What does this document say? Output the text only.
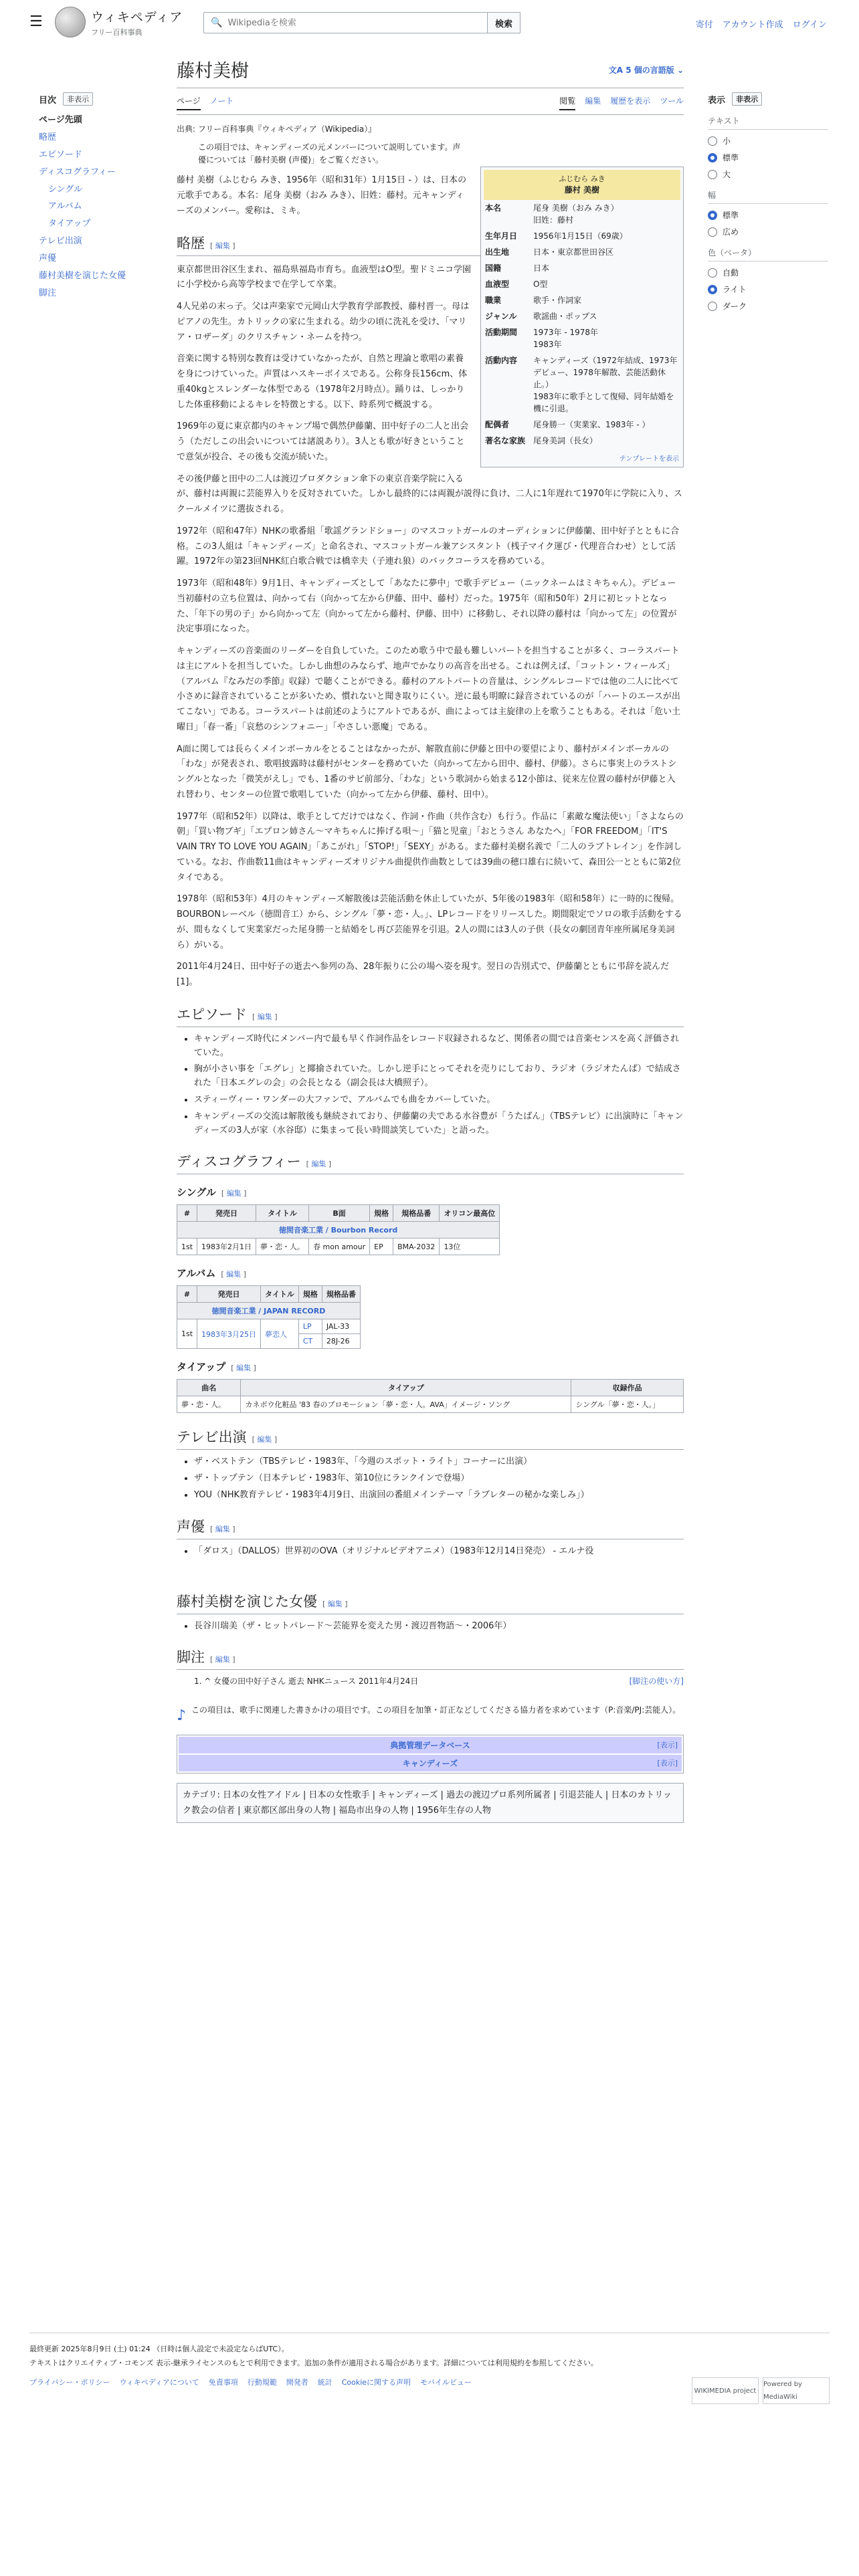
☰	ウィキペディア
フリー百科事典
🔍
Wikipediaを検索	検索	寄付 アカウント作成 ログイン
目次	非表示
ページ先頭
略歴
エピソード
ディスコグラフィー
シングル
アルバム
タイアップ
テレビ出演
声優
藤村美樹を演じた女優
脚注
藤村美樹	文A 5 個の言語版 ⌄
ページ ノート	閲覧 編集 履歴を表示 ツール
出典: フリー百科事典『ウィキペディア（Wikipedia）』
この項目では、キャンディーズの元メンバーについて説明しています。声優については「藤村美樹 (声優)」をご覧ください。
ふじむら みき
藤村 美樹
本名	尾身 美樹（おみ みき）
旧姓：藤村
生年月日	1956年1月15日（69歳）
出生地	日本・東京都世田谷区
国籍	日本
血液型	O型
職業	歌手・作詞家
ジャンル	歌謡曲・ポップス
活動期間	1973年 - 1978年
1983年
活動内容	キャンディーズ（1972年結成、1973年デビュー、1978年解散、芸能活動休止。）
1983年に歌手として復帰、同年結婚を機に引退。
配偶者	尾身勝一（実業家、1983年 - ）
著名な家族 尾身美詞（長女）
テンプレートを表示

藤村 美樹（ふじむら みき、1956年（昭和31年）1月15日 - ）は、日本の元歌手である。本名：尾身 美樹（おみ みき）、旧姓：藤村。元キャンディーズのメンバー。愛称は、ミキ。

略歴 [ 編集 ]

東京都世田谷区生まれ、福島県福島市育ち。血液型はO型。聖ドミニコ学園に小学校から高等学校まで在学して卒業。

4人兄弟の末っ子。父は声楽家で元岡山大学教育学部教授、藤村晋一。母はピアノの先生。カトリックの家に生まれる。幼少の頃に洗礼を受け、「マリア・ロザーダ」のクリスチャン・ネームを持つ。

音楽に関する特別な教育は受けていなかったが、自然と理論と歌唱の素養を身につけていった。声質はハスキーボイスである。公称身長156cm、体重40kgとスレンダーな体型である（1978年2月時点）。踊りは、しっかりした体重移動によるキレを特徴とする。以下、時系列で概説する。

1969年の夏に東京都内のキャンプ場で偶然伊藤蘭、田中好子の二人と出会う（ただしこの出会いについては諸説あり）。3人とも歌が好きということで意気が投合、その後も交流が続いた。

その後伊藤と田中の二人は渡辺プロダクション傘下の東京音楽学院に入るが、藤村は両親に芸能界入りを反対されていた。しかし最終的には両親が説得に負け、二人に1年遅れて1970年に学院に入り、スクールメイツに選抜される。

1972年（昭和47年）NHKの歌番組「歌謡グランドショー」のマスコットガールのオーディションに伊藤蘭、田中好子とともに合格。この3人組は「キャンディーズ」と命名され、マスコットガール兼アシスタント（桟子マイク運び・代理音合わせ）として活躍。1972年の第23回NHK紅白歌合戦では橋幸夫（子連れ狼）のバックコーラスを務めている。

1973年（昭和48年）9月1日、キャンディーズとして「あなたに夢中」で歌手デビュー（ニックネームはミキちゃん）。デビュー当初藤村の立ち位置は、向かって右（向かって左から伊藤、田中、藤村）だった。1975年（昭和50年）2月に初ヒットとなった、「年下の男の子」から向かって左（向かって左から藤村、伊藤、田中）に移動し、それ以降の藤村は「向かって左」の位置が決定事項になった。

キャンディーズの音楽面のリーダーを自負していた。このため歌う中で最も難しいパートを担当することが多く、コーラスパートは主にアルトを担当していた。しかし曲想のみならず、地声でかなりの高音を出せる。これは例えば、「コットン・フィールズ」（アルバム『なみだの季節』収録）で聴くことができる。藤村のアルトパートの音量は、シングルレコードでは他の二人に比べて小さめに録音されていることが多いため、慣れないと聞き取りにくい。逆に最も明瞭に録音されているのが「ハートのエースが出てこない」である。コーラスパートは前述のようにアルトであるが、曲によっては主旋律の上を歌うこともある。それは「危い土曜日」「春一番」「哀愁のシンフォニー」「やさしい悪魔」である。

A面に関しては長らくメインボーカルをとることはなかったが、解散直前に伊藤と田中の要望により、藤村がメインボーカルの「わな」が発表され、歌唱披露時は藤村がセンターを務めていた（向かって左から田中、藤村、伊藤）。さらに事実上のラストシングルとなった「微笑がえし」でも、1番のサビ前部分、「わな」という歌詞から始まる12小節は、従来左位置の藤村が伊藤と入れ替わり、センターの位置で歌唱していた（向かって左から伊藤、藤村、田中）。

1977年（昭和52年）以降は、歌手としてだけではなく、作詞・作曲（共作含む）も行う。作品に「素敵な魔法使い」「さよならの朝」「買い物ブギ」「エプロン姉さん〜マキちゃんに捧げる唄〜」「猫と児童」「おとうさん あなたへ」「FOR FREEDOM」「IT'S VAIN TRY TO LOVE YOU AGAIN」「あこがれ」「STOP!」「SEXY」がある。また藤村美樹名義で「二人のラブトレイン」を作詞している。なお、作曲数11曲はキャンディーズオリジナル曲提供作曲数としては39曲の穂口雄右に続いて、森田公一とともに第2位タイである。

1978年（昭和53年）4月のキャンディーズ解散後は芸能活動を休止していたが、5年後の1983年（昭和58年）に一時的に復帰。BOURBONレーベル（徳間音工）から、シングル「夢・恋・人。」、LPレコードをリリースした。期間限定でソロの歌手活動をするが、間もなくして実業家だった尾身勝一と結婚をし再び芸能界を引退。2人の間には3人の子供（長女の劇団青年座所属尾身美詞ら）がいる。

2011年4月24日、田中好子の逝去へ参列の為、28年振りに公の場へ姿を現す。翌日の告別式で、伊藤蘭とともに弔辞を読んだ[1]。

エピソード [ 編集 ]
• キャンディーズ時代にメンバー内で最も早く作詞作品をレコード収録されるなど、関係者の間では音楽センスを高く評価されていた。
• 胸が小さい事を「エグレ」と揶揄されていた。しかし逆手にとってそれを売りにしており、ラジオ（ラジオたんぱ）で結成された「日本エグレの会」の会長となる（副会長は大橋照子）。
• スティーヴィー・ワンダーの大ファンで、アルバムでも曲をカバーしていた。
• キャンディーズの交流は解散後も継続されており、伊藤蘭の夫である水谷豊が「うたばん」（TBSテレビ）に出演時に「キャンディーズの3人が家（水谷邸）に集まって長い時間談笑していた」と語った。
ディスコグラフィー [ 編集 ]
シングル [ 編集 ]
#	発売日	タイトル	B面	規格	規格品番	オリコン最高位
徳間音楽工業 / Bourbon Record						
1st	1983年2月1日	夢・恋・人。	春 mon amour	EP	BMA-2032	13位
アルバム [ 編集 ]
#	発売日	タイトル	規格	規格品番
徳間音楽工業 / JAPAN RECORD				
1st	1983年3月25日	夢恋人	LP	JAL-33
			CT	28J-26
タイアップ [ 編集 ]
曲名	タイアップ	収録作品
夢・恋・人。	カネボウ化粧品 '83 春のプロモーション「夢・恋・人。AVA」イメージ・ソング	シングル「夢・恋・人。」
テレビ出演 [ 編集 ]
• ザ・ベストテン（TBSテレビ・1983年、「今週のスポット・ライト」コーナーに出演）
• ザ・トップテン（日本テレビ・1983年、第10位にランクインで登場）
• YOU（NHK教育テレビ・1983年4月9日、出演回の番組メインテーマ「ラブレターの秘かな楽しみ」）
声優 [ 編集 ]
• 「ダロス」（DALLOS）世界初のOVA（オリジナルビデオアニメ）（1983年12月14日発売） - エルナ役
藤村美樹を演じた女優 [ 編集 ]
• 長谷川瑞美（ザ・ヒットパレード〜芸能界を変えた男・渡辺晋物語〜・2006年）
脚注 [ 編集 ]
1. ^ 女優の田中好子さん 逝去 NHKニュース 2011年4月24日	[脚注の使い方]
♪ この項目は、歌手に関連した書きかけの項目です。この項目を加筆・訂正などしてくださる協力者を求めています（P:音楽/PJ:芸能人）。
典拠管理データベース	[表示]
キャンディーズ	[表示]
カテゴリ: 日本の女性アイドル | 日本の女性歌手 | キャンディーズ | 過去の渡辺プロ系列所属者 | 引退芸能人 | 日本のカトリック教会の信者 | 東京都区部出身の人物 | 福島市出身の人物 | 1956年生存の人物
表示	非表示
テキスト
小
標準
大
幅
標準
広め
色（ベータ）
自動
ライト
ダーク
最終更新 2025年8月9日 (土) 01:24 （日時は個人設定で未設定ならばUTC）。
テキストはクリエイティブ・コモンズ 表示-継承ライセンスのもとで利用できます。追加の条件が適用される場合があります。詳細については利用規約を参照してください。
プライバシー・ポリシー ウィキペディアについて 免責事項 行動規範 開発者 統計 Cookieに関する声明 モバイルビュー
WIKIMEDIA project
Powered by MediaWiki
